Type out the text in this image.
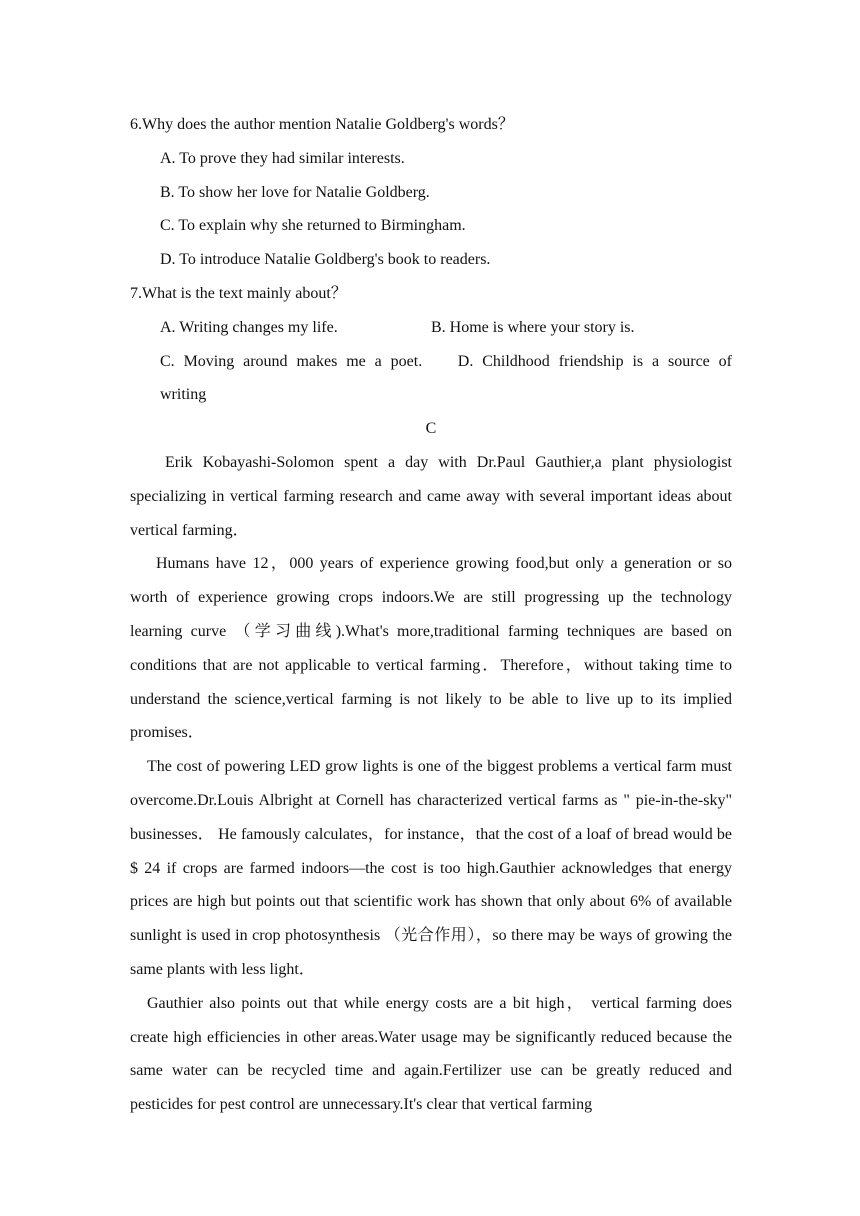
6.Why does the author mention Natalie Goldberg's words？

A. To prove they had similar interests.

B. To show her love for Natalie Goldberg.

C. To explain why she returned to Birmingham.

D. To introduce Natalie Goldberg's book to readers.

7.What is the text mainly about？

A. Writing changes my life.	B. Home is where your story is.

C. Moving around makes me a poet. D. Childhood friendship is a source of

writing

C

Erik Kobayashi-Solomon spent a day with Dr.Paul Gauthier,a plant physiologist specializing in vertical farming research and came away with several important ideas about vertical farming．

Humans have 12，000 years of experience growing food,but only a generation or so worth of experience growing crops indoors.We are still progressing up the technology learning curve （学习曲线).What's more,traditional farming techniques are based on conditions that are not applicable to vertical farming．Therefore，without taking time to understand the science,vertical farming is not likely to be able to live up to its implied promises．

The cost of powering LED grow lights is one of the biggest problems a vertical farm must overcome.Dr.Louis Albright at Cornell has characterized vertical farms as " pie-in-the-sky" businesses． He famously calculates，for instance，that the cost of a loaf of bread would be $ 24 if crops are farmed indoors—the cost is too high.Gauthier acknowledges that energy prices are high but points out that scientific work has shown that only about 6% of available sunlight is used in crop photosynthesis （光合作用），so there may be ways of growing the same plants with less light．

Gauthier also points out that while energy costs are a bit high， vertical farming does create high efficiencies in other areas.Water usage may be significantly reduced because the same water can be recycled time and again.Fertilizer use can be greatly reduced and pesticides for pest control are unnecessary.It's clear that vertical farming
